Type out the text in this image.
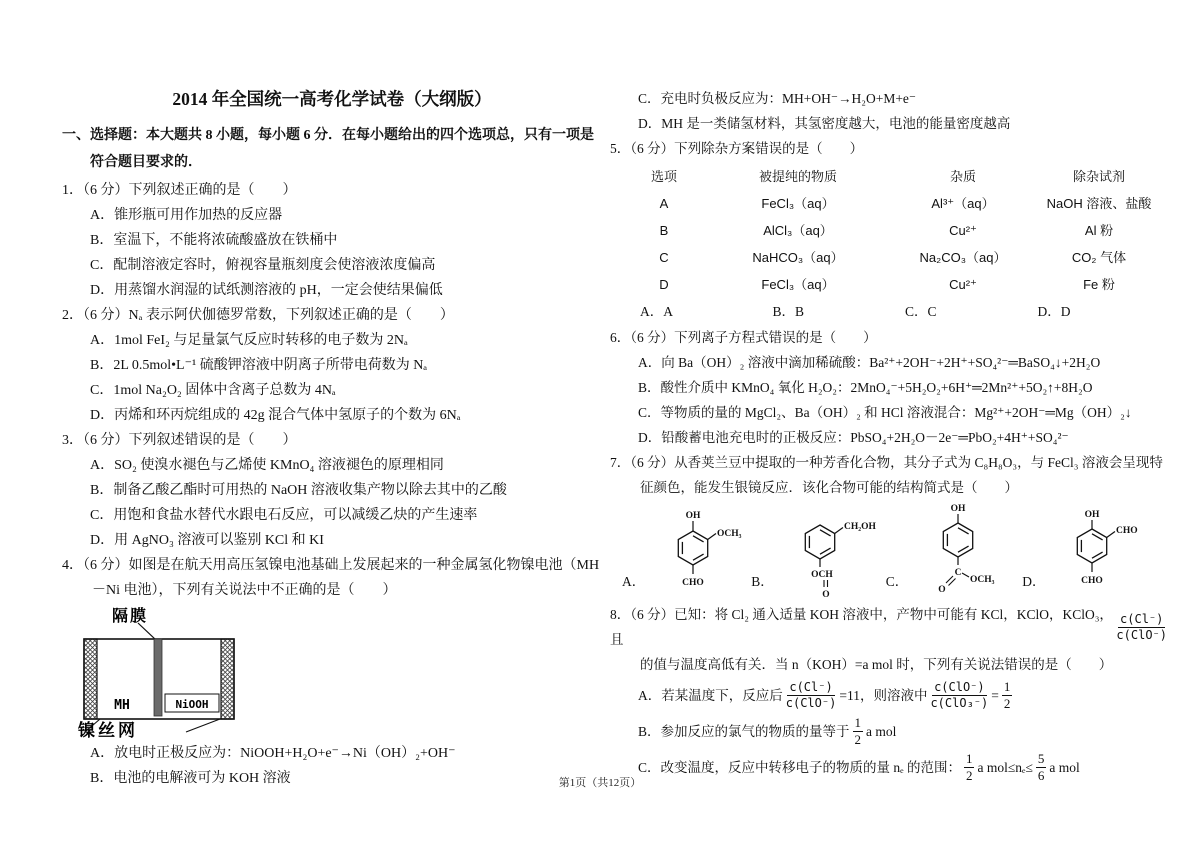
2014 年全国统一高考化学试卷（大纲版）
一、选择题：本大题共 8 小题，每小题 6 分．在每小题给出的四个选项总，只有一项是符合题目要求的．
1．（6 分）下列叙述正确的是（　　）
A．锥形瓶可用作加热的反应器
B．室温下，不能将浓硫酸盛放在铁桶中
C．配制溶液定容时，俯视容量瓶刻度会使溶液浓度偏高
D．用蒸馏水润湿的试纸测溶液的 pH，一定会使结果偏低
2．（6 分）Nₐ 表示阿伏伽德罗常数，下列叙述正确的是（　　）
A．1mol FeI₂ 与足量氯气反应时转移的电子数为 2Nₐ
B．2L 0.5mol•L⁻¹ 硫酸钾溶液中阴离子所带电荷数为 Nₐ
C．1mol Na₂O₂ 固体中含离子总数为 4Nₐ
D．丙烯和环丙烷组成的 42g 混合气体中氢原子的个数为 6Nₐ
3．（6 分）下列叙述错误的是（　　）
A．SO₂ 使溴水褪色与乙烯使 KMnO₄ 溶液褪色的原理相同
B．制备乙酸乙酯时可用热的 NaOH 溶液收集产物以除去其中的乙酸
C．用饱和食盐水替代水跟电石反应，可以减缓乙炔的产生速率
D．用 AgNO₃ 溶液可以鉴别 KCl 和 KI
4．（6 分）如图是在航天用高压氢镍电池基础上发展起来的一种金属氢化物镍电池（MH－Ni 电池），下列有关说法中不正确的是（　　）
隔膜
MH	NiOOH
镍丝网
A．放电时正极反应为：NiOOH+H₂O+e⁻→Ni（OH）₂+OH⁻
B．电池的电解液可为 KOH 溶液
C．充电时负极反应为：MH+OH⁻→H₂O+M+e⁻
D．MH 是一类储氢材料，其氢密度越大，电池的能量密度越高
5．（6 分）下列除杂方案错误的是（　　）
选项	被提纯的物质	杂质	除杂试剂
A	FeCl₃（aq）	Al³⁺（aq）	NaOH 溶液、盐酸
B	AlCl₃（aq）	Cu²⁺	Al 粉
C	NaHCO₃（aq）	Na₂CO₃（aq）	CO₂ 气体
D	FeCl₃（aq）	Cu²⁺	Fe 粉
A．A	B．B	C．C	D．D
6．（6 分）下列离子方程式错误的是（　　）
A．向 Ba（OH）₂ 溶液中滴加稀硫酸：Ba²⁺+2OH⁻+2H⁺+SO₄²⁻═BaSO₄↓+2H₂O
B．酸性介质中 KMnO₄ 氧化 H₂O₂：2MnO₄⁻+5H₂O₂+6H⁺═2Mn²⁺+5O₂↑+8H₂O
C．等物质的量的 MgCl₂、Ba（OH）₂ 和 HCl 溶液混合：Mg²⁺+2OH⁻═Mg（OH）₂↓
D．铅酸蓄电池充电时的正极反应：PbSO₄+2H₂O－2e⁻═PbO₂+4H⁺+SO₄²⁻
7．（6 分）从香荚兰豆中提取的一种芳香化合物，其分子式为 C₈H₈O₃，与 FeCl₃ 溶液会呈现特征颜色，能发生银镜反应．该化合物可能的结构简式是（　　）
A．
OH
OCH₃
CHO	B．
CH₂OH
OCH
O
C．
OH
C
O
OCH₃ D．
OH
CHO
CHO
8．（6 分）已知：将 Cl₂ 通入适量 KOH 溶液中，产物中可能有 KCl，KClO，KClO₃，且	$\frac{c(Cl^-)}{\text{c(ClO⁻)}}$
的值与温度高低有关．当 n（KOH）=a mol 时，下列有关说法错误的是（　　）
A．若某温度下，反应后 $\frac{c(Cl^-)}{\text{c(ClO⁻)}} =11$，则溶液中 $\frac{\text{c(ClO⁻)}}{\text{c(ClO₃⁻)}} = \frac{1}{2}$
B．参加反应的氯气的物质的量等于 $\frac{1}{2}$ a mol
C．改变温度，反应中转移电子的物质的量 nₑ 的范围： $\frac{1}{2}$ a $mol\le n_e\le \frac{5}{6}$ a mol
第1页（共12页）
